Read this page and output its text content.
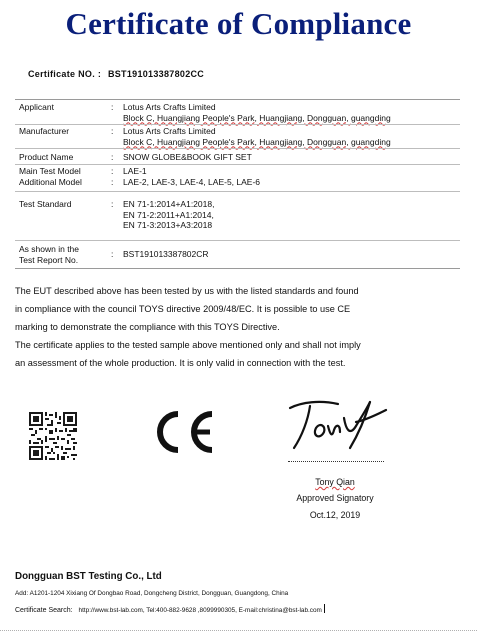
Certificate of Compliance
Certificate NO. : BST191013387802CC
Applicant	: Lotus Arts Crafts Limited
Block C, Huangjiang People's Park, Huangjiang, Dongguan, guangding
Manufacturer	: Lotus Arts Crafts Limited
Block C, Huangjiang People's Park, Huangjiang, Dongguan, guangding
Product Name	: SNOW GLOBE&BOOK GIFT SET
Main Test Model	: LAE-1
Additional Model	: LAE-2, LAE-3, LAE-4, LAE-5, LAE-6
Test Standard	: EN 71-1:2014+A1:2018,
EN 71-2:2011+A1:2014,
EN 71-3:2013+A3:2018
As shown in the
Test Report No.
: BST191013387802CR

The EUT described above has been tested by us with the listed standards and found

in compliance with the council TOYS directive 2009/48/EC. It is possible to use CE

marking to demonstrate the compliance with this TOYS Directive.

The certificate applies to the tested sample above mentioned only and shall not imply

an assessment of the whole production. It is only valid in connection with the test.

Tony Qian
Approved Signatory
Oct.12, 2019
Dongguan BST Testing Co., Ltd
Add: A1201-1204 Xixiang Of Dongbao Road, Dongcheng District, Dongguan, Guangdong, China
Certificate Search: http://www.bst-lab.com, Tel:400-882-9628 ,8099990305, E-mail:christina@bst-lab.com
